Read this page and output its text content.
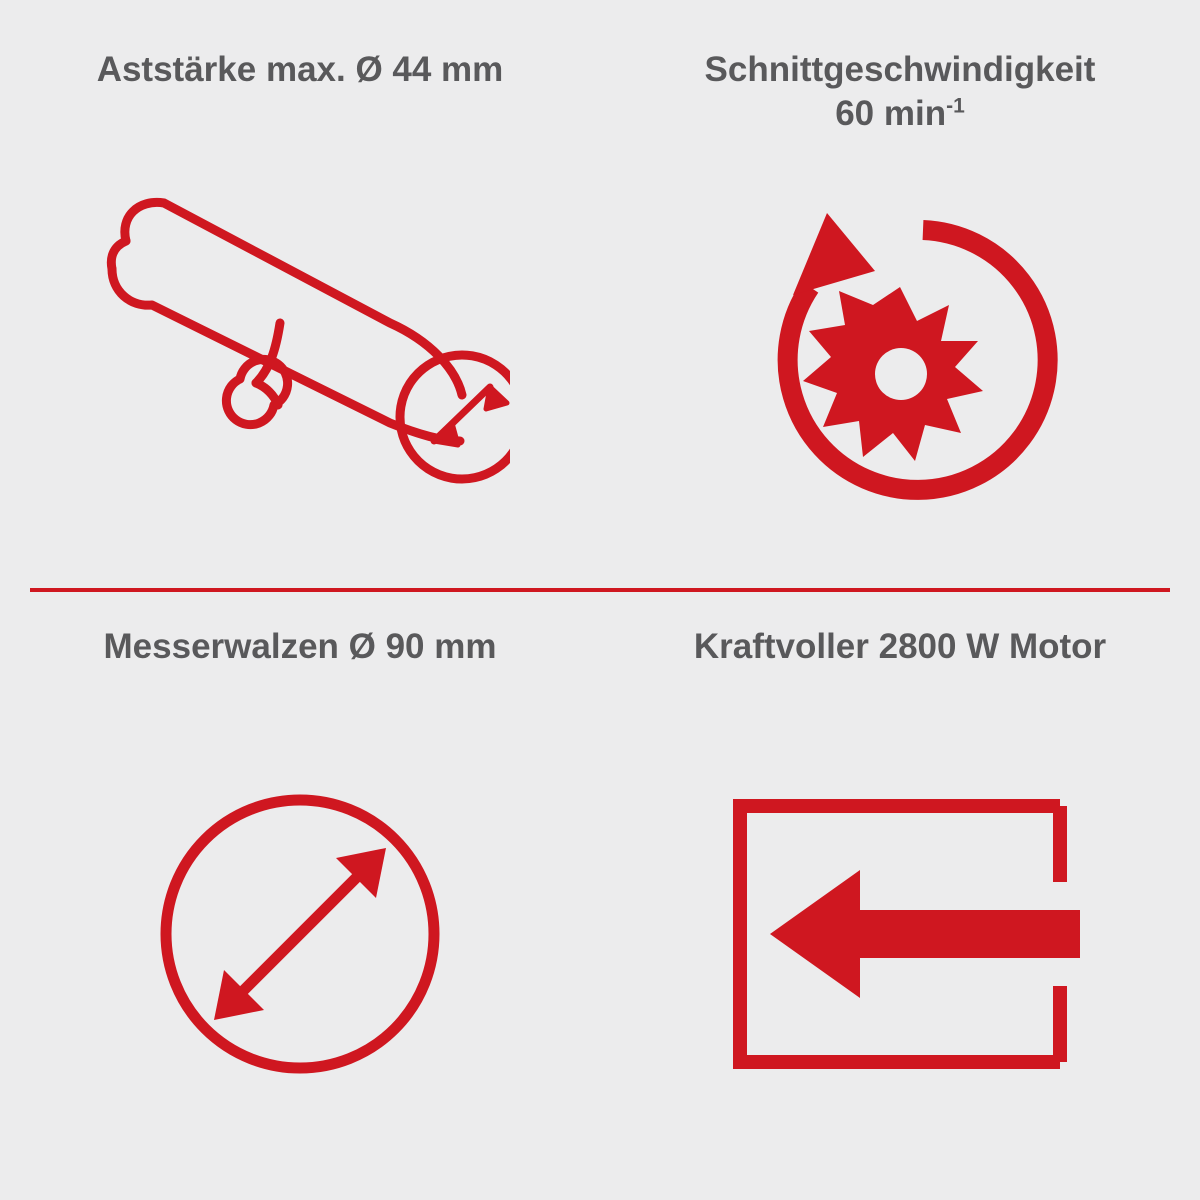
Aststärke max. Ø 44 mm	Schnittgeschwindigkeit
60 $\min^{-1}$
Messerwalzen Ø 90 mm	Kraftvoller 2800 W Motor
